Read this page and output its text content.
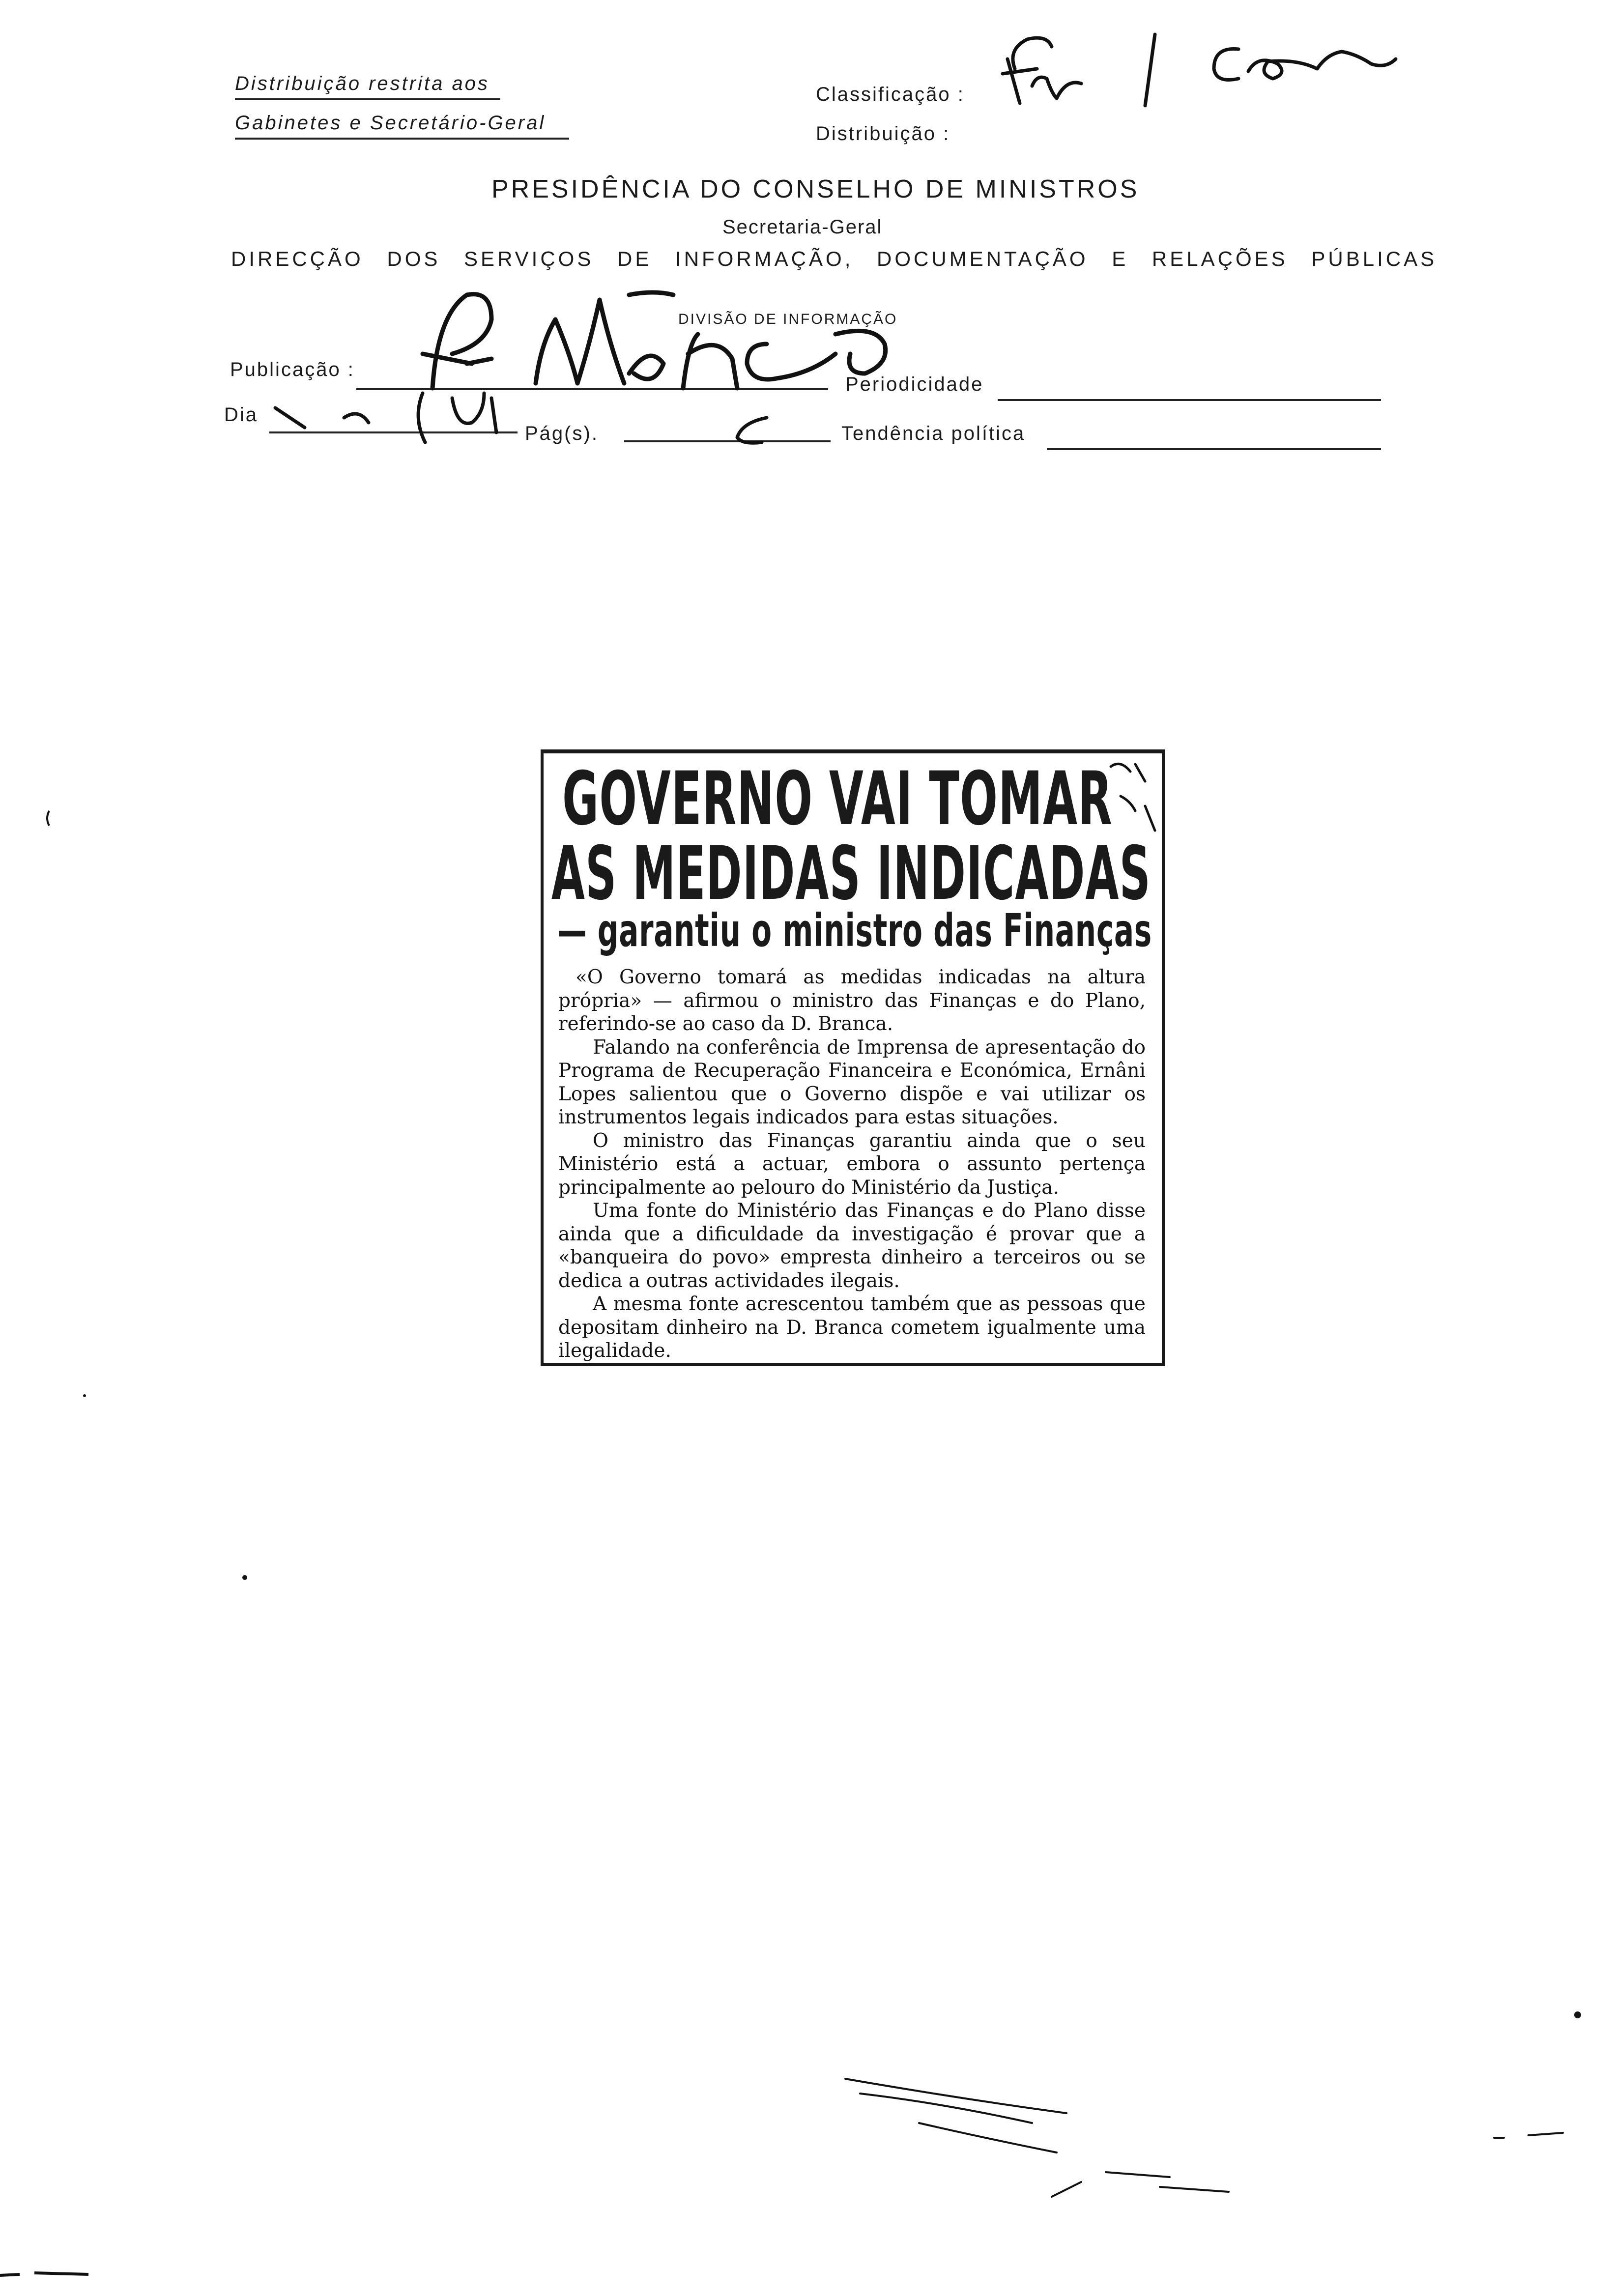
Distribuição restrita aos
Gabinetes e Secretário-Geral
Classificação :
Distribuição :
PRESIDÊNCIA DO CONSELHO DE MINISTROS
Secretaria-Geral
DIRECÇÃO DOS SERVIÇOS DE INFORMAÇÃO, DOCUMENTAÇÃO E RELAÇÕES PÚBLICAS
DIVISÃO DE INFORMAÇÃO
Publicação :
Periodicidade
Dia
Pág(s).	Tendência política
GOVERNO VAI TOMAR
AS MEDIDAS INDICADAS
— garantiu o ministro das Finanças

«O Governo tomará as medidas indicadas na altura própria» — afirmou o ministro das Finanças e do Plano, referindo-se ao caso da D. Branca.

Falando na conferência de Imprensa de apresentação do Programa de Recuperação Financeira e Económica, Ernâni Lopes salientou que o Governo dispõe e vai utilizar os instrumentos legais indicados para estas situações.

O ministro das Finanças garantiu ainda que o seu Ministério está a actuar, embora o assunto pertença principalmente ao pelouro do Ministério da Justiça.

Uma fonte do Ministério das Finanças e do Plano disse ainda que a dificuldade da investigação é provar que a «banqueira do povo» empresta dinheiro a terceiros ou se dedica a outras actividades ilegais.

A mesma fonte acrescentou também que as pessoas que depositam dinheiro na D. Branca cometem igualmente uma ilegalidade.
